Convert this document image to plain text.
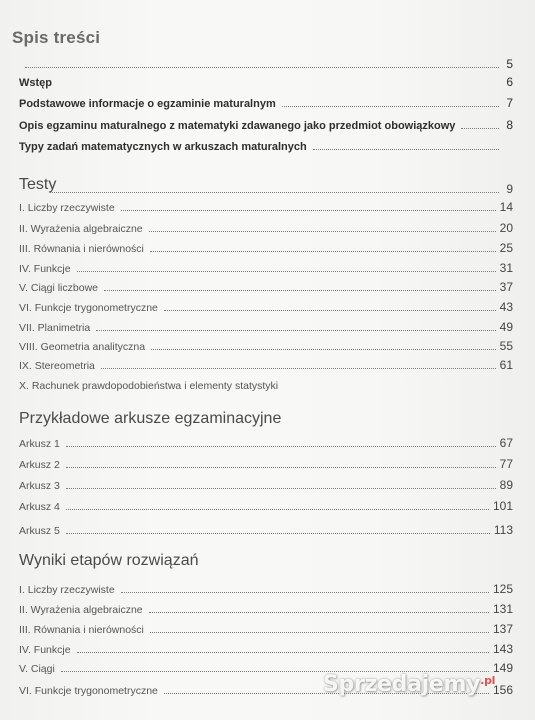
Spis treści
5
Wstęp	6
Podstawowe informacje o egzaminie maturalnym	7
Opis egzaminu maturalnego z matematyki zdawanego jako przedmiot obowiązkowy	8
Typy zadań matematycznych w arkuszach maturalnych
Testy	9
I. Liczby rzeczywiste	14
II. Wyrażenia algebraiczne	20
III. Równania i nierówności	25
IV. Funkcje	31
V. Ciągi liczbowe	37
VI. Funkcje trygonometryczne	43
VII. Planimetria	49
VIII. Geometria analityczna	55
IX. Stereometria	61
X. Rachunek prawdopodobieństwa i elementy statystyki
Przykładowe arkusze egzaminacyjne
Arkusz 1	67
Arkusz 2	77
Arkusz 3	89
Arkusz 4	101
Arkusz 5	113
Wyniki etapów rozwiązań
I. Liczby rzeczywiste	125
II. Wyrażenia algebraiczne	131
III. Równania i nierówności	137
IV. Funkcje	143
V. Ciągi	149
VI. Funkcje trygonometryczne	156
Sprzedajemy$^{.pl}$
